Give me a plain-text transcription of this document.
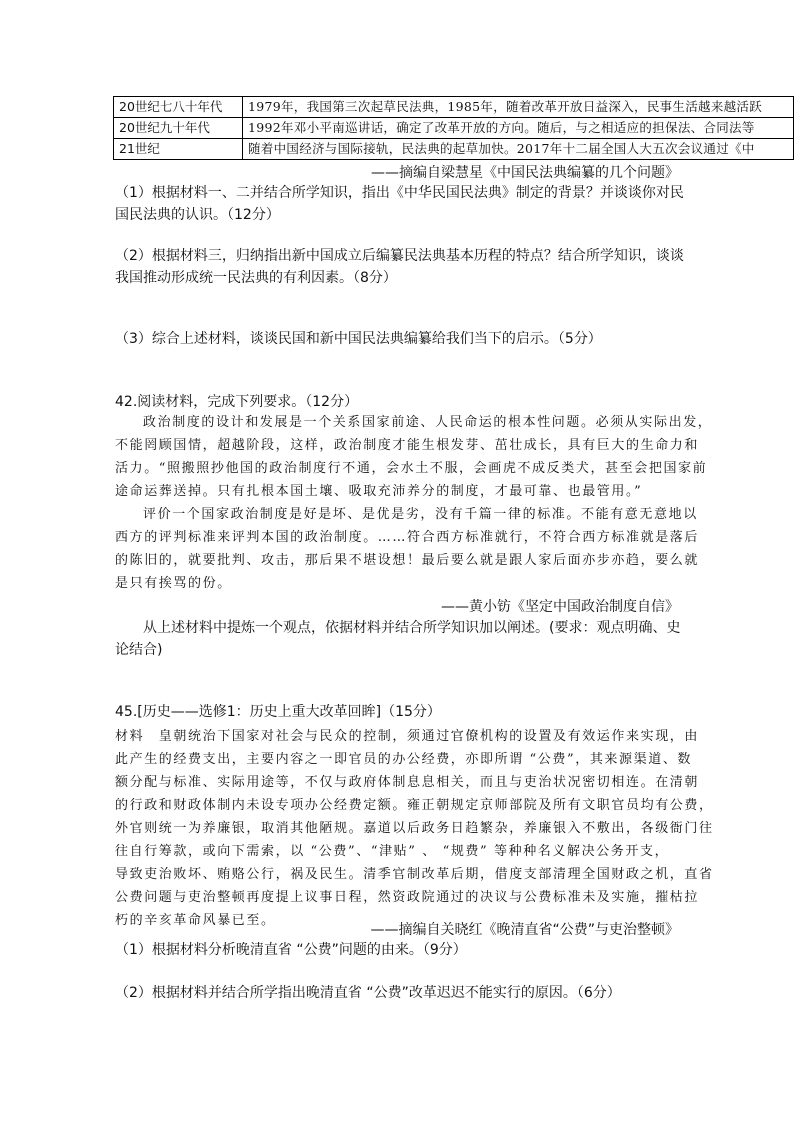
20世纪七八十年代	1979年，我国第三次起草民法典，1985年，随着改革开放日益深入，民事生活越来越活跃
20世纪九十年代	1992年邓小平南巡讲话，确定了改革开放的方向。随后，与之相适应的担保法、合同法等
21世纪	随着中国经济与国际接轨，民法典的起草加快。2017年十二届全国人大五次会议通过《中
——摘编自梁慧星《中国民法典编纂的几个问题》
（1）根据材料一、二并结合所学知识，指出《中华民国民法典》制定的背景？并谈谈你对民
国民法典的认识。（12分）
（2）根据材料三，归纳指出新中国成立后编纂民法典基本历程的特点？结合所学知识，谈谈
我国推动形成统一民法典的有利因素。（8分）
（3）综合上述材料，谈谈民国和新中国民法典编纂给我们当下的启示。（5分）
42.阅读材料，完成下列要求。（12分）
政治制度的设计和发展是一个关系国家前途、人民命运的根本性问题。必须从实际出发，
不能罔顾国情，超越阶段，这样，政治制度才能生根发芽、茁壮成长，具有巨大的生命力和
活力。“照搬照抄他国的政治制度行不通，会水土不服，会画虎不成反类犬，甚至会把国家前
途命运葬送掉。只有扎根本国土壤、吸取充沛养分的制度，才最可靠、也最管用。”
评价一个国家政治制度是好是坏、是优是劣，没有千篇一律的标准。不能有意无意地以
西方的评判标准来评判本国的政治制度。……符合西方标准就行，不符合西方标准就是落后
的陈旧的，就要批判、攻击，那后果不堪设想！最后要么就是跟人家后面亦步亦趋，要么就
是只有挨骂的份。
——黄小钫《坚定中国政治制度自信》
从上述材料中提炼一个观点，依据材料并结合所学知识加以阐述。(要求：观点明确、史
论结合)
45.[历史——选修1：历史上重大改革回眸]（15分）
材料　皇朝统治下国家对社会与民众的控制，须通过官僚机构的设置及有效运作来实现，由
此产生的经费支出，主要内容之一即官员的办公经费，亦即所谓 “公费”，其来源渠道、数
额分配与标准、实际用途等，不仅与政府体制息息相关，而且与吏治状况密切相连。在清朝
的行政和财政体制内未设专项办公经费定额。雍正朝规定京师部院及所有文职官员均有公费，
外官则统一为养廉银，取消其他陋规。嘉道以后政务日趋繁杂，养廉银入不敷出，各级衙门往
往自行筹款，或向下需索，以 “公费”、“津贴” 、 “规费” 等种种名义解决公务开支，
导致吏治败坏、贿赂公行，祸及民生。清季官制改革后期，借度支部清理全国财政之机，直省
公费问题与吏治整顿再度提上议事日程，然资政院通过的决议与公费标准未及实施，摧枯拉
朽的辛亥革命风暴已至。
——摘编自关晓红《晚清直省“公费”与吏治整顿》
（1）根据材料分析晚清直省 “公费”问题的由来。（9分）
（2）根据材料并结合所学指出晚清直省 “公费”改革迟迟不能实行的原因。（6分）
